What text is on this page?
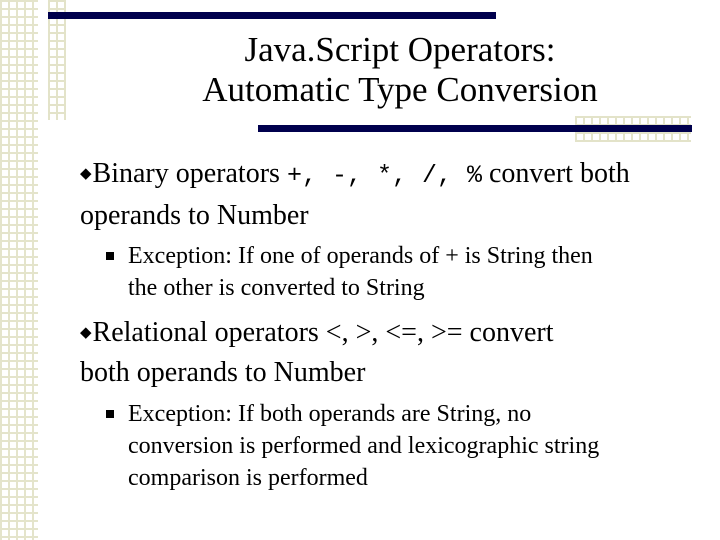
Java.Script Operators:
Automatic Type Conversion
◆Binary operators +, -, *, /, % convert both
operands to Number
Exception: If one of operands of + is String then
the other is converted to String
◆Relational operators <, >, <=, >= convert
both operands to Number
Exception: If both operands are String, no
conversion is performed and lexicographic string
comparison is performed
